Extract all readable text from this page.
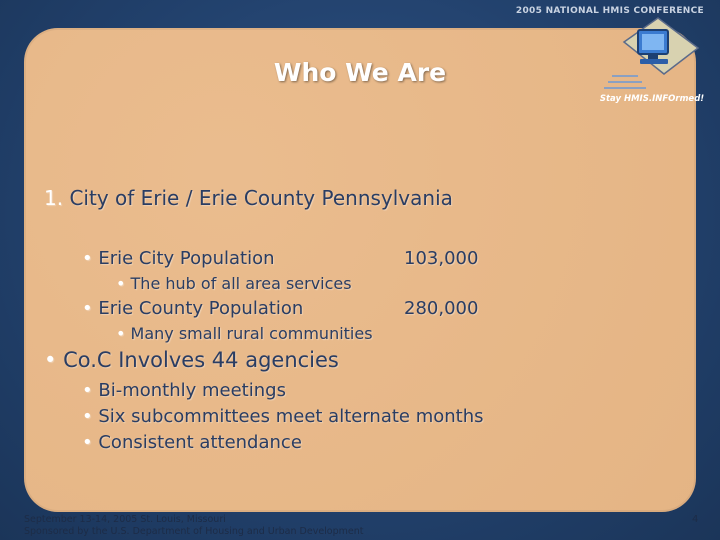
2005 NATIONAL HMIS CONFERENCE
Stay HMIS.INFOrmed!
Who We Are
1. City of Erie / Erie County Pennsylvania
• Erie City Population	103,000
• The hub of all area services
• Erie County Population	280,000
• Many small rural communities
• Co.C Involves 44 agencies
• Bi-monthly meetings
• Six subcommittees meet alternate months
• Consistent attendance
September 13-14, 2005 St. Louis, Missouri
Sponsored by the U.S. Department of Housing and Urban Development
4
